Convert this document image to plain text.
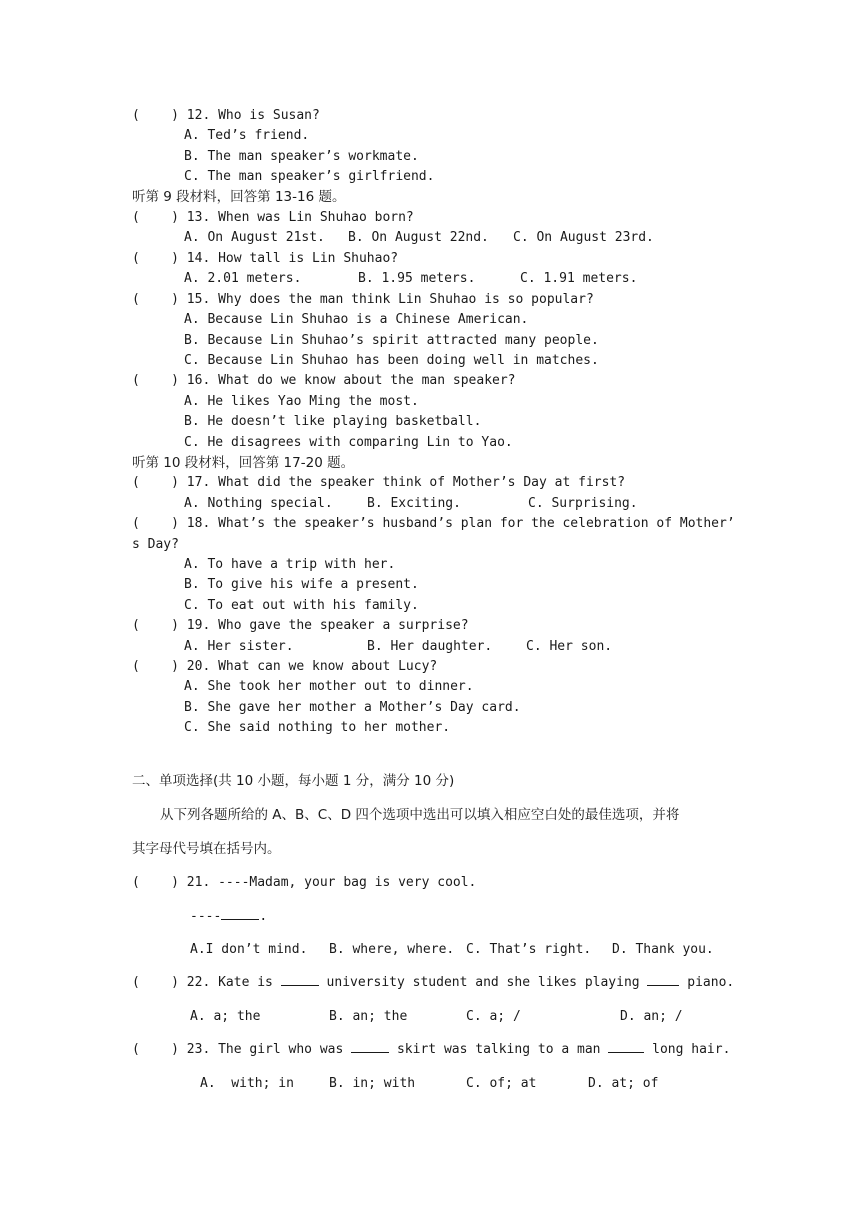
(    ) 12. Who is Susan?
A. Ted’s friend.
B. The man speaker’s workmate.
C. The man speaker’s girlfriend.
听第 9 段材料，回答第 13-16 题。
(    ) 13. When was Lin Shuhao born?
A. On August 21st. B. On August 22nd. C. On August 23rd.
(    ) 14. How tall is Lin Shuhao?
A. 2.01 meters.	B. 1.95 meters.	C. 1.91 meters.
(    ) 15. Why does the man think Lin Shuhao is so popular?
A. Because Lin Shuhao is a Chinese American.
B. Because Lin Shuhao’s spirit attracted many people.
C. Because Lin Shuhao has been doing well in matches.
(    ) 16. What do we know about the man speaker?
A. He likes Yao Ming the most.
B. He doesn’t like playing basketball.
C. He disagrees with comparing Lin to Yao.
听第 10 段材料，回答第 17-20 题。
(    ) 17. What did the speaker think of Mother’s Day at first?
A. Nothing special.	B. Exciting.	C. Surprising.
(    ) 18. What’s the speaker’s husband’s plan for the celebration of Mother’
s Day?
A. To have a trip with her.
B. To give his wife a present.
C. To eat out with his family.
(    ) 19. Who gave the speaker a surprise?
A. Her sister.	B. Her daughter.	C. Her son.
(    ) 20. What can we know about Lucy?
A. She took her mother out to dinner.
B. She gave her mother a Mother’s Day card.
C. She said nothing to her mother.
二、单项选择(共 10 小题，每小题 1 分，满分 10 分)
从下列各题所给的 A、B、C、D 四个选项中选出可以填入相应空白处的最佳选项，并将
其字母代号填在括号内。
(    ) 21. ----Madam, your bag is very cool.
----	.
A.I don’t mind. B. where, where. C. That’s right. D. Thank you.
(    ) 22. Kate is	university student and she likes playing  piano.
A. a; the	B. an; the	C. a; /	D. an; /
(    ) 23. The girl who was	skirt was talking to a man	long hair.
A.  with; in	B. in; with	C. of; at	D. at; of
